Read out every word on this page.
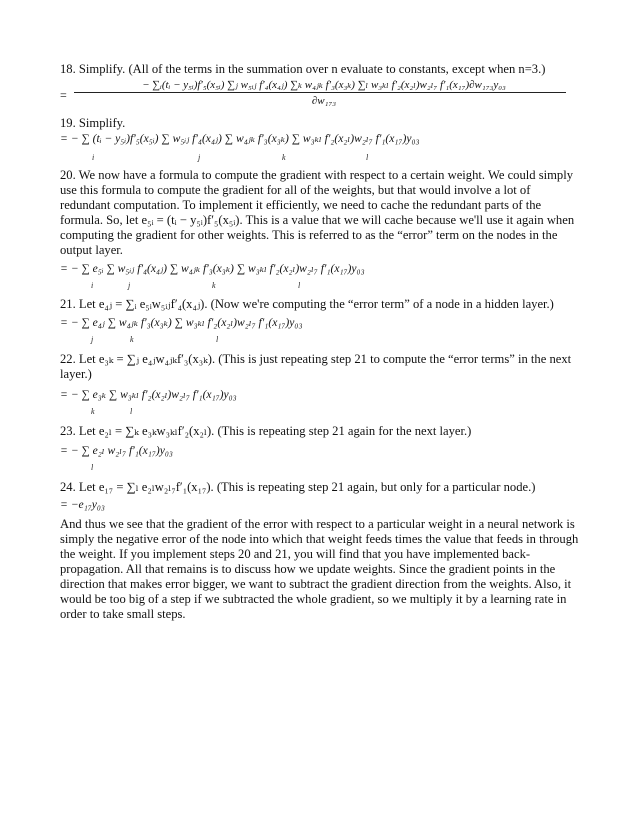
18. Simplify. (All of the terms in the summation over n evaluate to constants, except when n=3.)

=
− ∑ᵢ(tᵢ − y₅ᵢ)f′₅(x₅ᵢ) ∑ⱼ w₅ᵢⱼ f′₄(x₄ⱼ) ∑ₖ w₄ⱼₖ f′₃(x₃ₖ) ∑ₗ w₃ₖₗ f′₂(x₂ₗ)w₂ₗ₇ f′₁(x₁₇)∂w₁₇₃y₀₃
∂w₁₇₃

19. Simplify.

= − ∑ (tᵢ − y₅ᵢ)f′₅(x₅ᵢ) ∑ w₅ᵢⱼ f′₄(x₄ⱼ) ∑ w₄ⱼₖ f′₃(x₃ₖ) ∑ w₃ₖₗ f′₂(x₂ₗ)w₂ₗ₇ f′₁(x₁₇)y₀₃
i	j	k	l

20. We now have a formula to compute the gradient with respect to a certain weight. We could simply use this formula to compute the gradient for all of the weights, but that would involve a lot of redundant computation. To implement it efficiently, we need to cache the redundant parts of the formula. So, let e₅ᵢ = (tᵢ − y₅ᵢ)f′₅(x₅ᵢ). This is a value that we will cache because we'll use it again when computing the gradient for other weights. This is referred to as the “error” term on the nodes in the output layer.

= − ∑ e₅ᵢ ∑ w₅ᵢⱼ f′₄(x₄ⱼ) ∑ w₄ⱼₖ f′₃(x₃ₖ) ∑ w₃ₖₗ f′₂(x₂ₗ)w₂ₗ₇ f′₁(x₁₇)y₀₃
i	j	k	l

21. Let e₄ⱼ = ∑ᵢ e₅ᵢw₅ᵢⱼf′₄(x₄ⱼ). (Now we're computing the “error term” of a node in a hidden layer.)

= − ∑ e₄ⱼ ∑ w₄ⱼₖ f′₃(x₃ₖ) ∑ w₃ₖₗ f′₂(x₂ₗ)w₂ₗ₇ f′₁(x₁₇)y₀₃
j	k	l

22. Let e₃ₖ = ∑ⱼ e₄ⱼw₄ⱼₖf′₃(x₃ₖ). (This is just repeating step 21 to compute the “error terms” in the next layer.)

= − ∑ e₃ₖ ∑ w₃ₖₗ f′₂(x₂ₗ)w₂ₗ₇ f′₁(x₁₇)y₀₃
k	l

23. Let e₂ₗ = ∑ₖ e₃ₖw₃ₖₗf′₂(x₂ₗ). (This is repeating step 21 again for the next layer.)

= − ∑ e₂ₗ w₂ₗ₇ f′₁(x₁₇)y₀₃
l

24. Let e₁₇ = ∑ₗ e₂ₗw₂ₗ₇f′₁(x₁₇). (This is repeating step 21 again, but only for a particular node.)

= −e₁₇y₀₃

And thus we see that the gradient of the error with respect to a particular weight in a neural network is simply the negative error of the node into which that weight feeds times the value that feeds in through the weight. If you implement steps 20 and 21, you will find that you have implemented back-propagation. All that remains is to discuss how we update weights. Since the gradient points in the direction that makes error bigger, we want to subtract the gradient direction from the weights. Also, it would be too big of a step if we subtracted the whole gradient, so we multiply it by a learning rate in order to take small steps.
